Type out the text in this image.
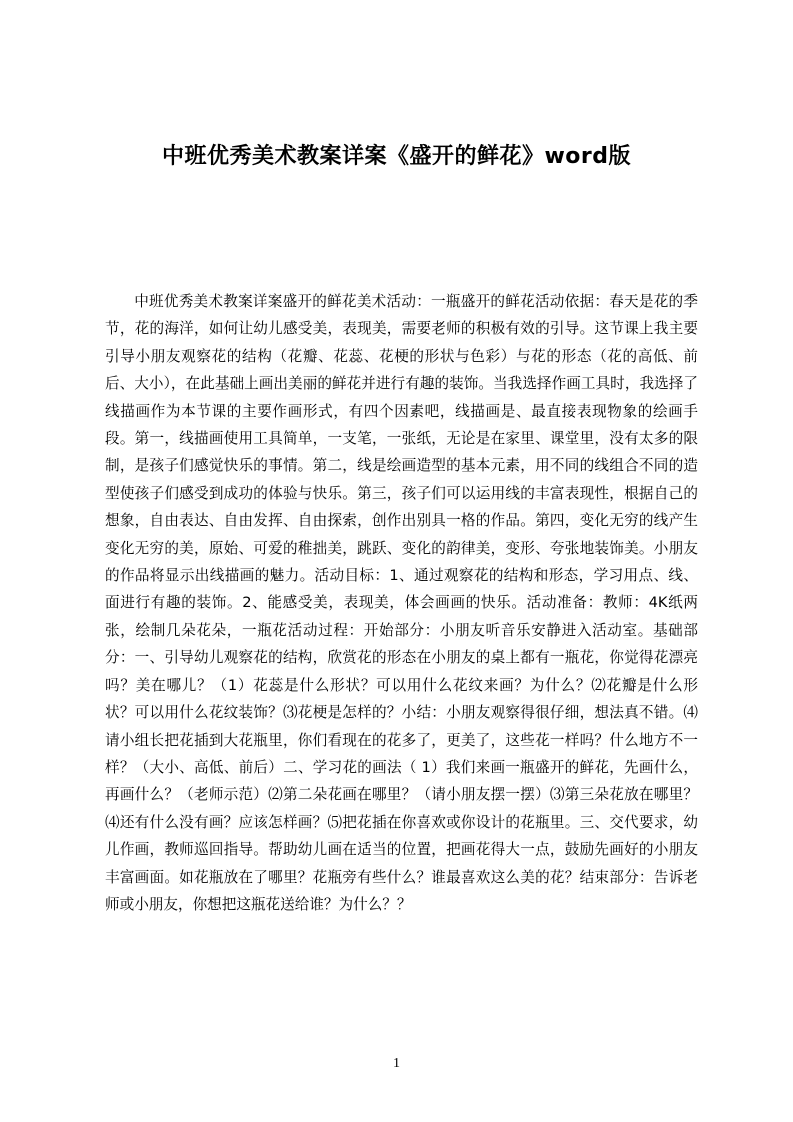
中班优秀美术教案详案《盛开的鲜花》word版

中班优秀美术教案详案盛开的鲜花美术活动：一瓶盛开的鲜花活动依据：春天是花的季节，花的海洋，如何让幼儿感受美，表现美，需要老师的积极有效的引导。这节课上我主要引导小朋友观察花的结构（花瓣、花蕊、花梗的形状与色彩）与花的形态（花的高低、前后、大小），在此基础上画出美丽的鲜花并进行有趣的装饰。当我选择作画工具时，我选择了线描画作为本节课的主要作画形式，有四个因素吧，线描画是、最直接表现物象的绘画手段。第一，线描画使用工具简单，一支笔，一张纸，无论是在家里、课堂里，没有太多的限制，是孩子们感觉快乐的事情。第二，线是绘画造型的基本元素，用不同的线组合不同的造型使孩子们感受到成功的体验与快乐。第三，孩子们可以运用线的丰富表现性，根据自己的想象，自由表达、自由发挥、自由探索，创作出别具一格的作品。第四，变化无穷的线产生变化无穷的美，原始、可爱的稚拙美，跳跃、变化的韵律美，变形、夸张地装饰美。小朋友的作品将显示出线描画的魅力。活动目标：1、通过观察花的结构和形态，学习用点、线、面进行有趣的装饰。2、能感受美，表现美，体会画画的快乐。活动准备：教师：4K纸两张，绘制几朵花朵，一瓶花活动过程：开始部分：小朋友听音乐安静进入活动室。基础部分：一、引导幼儿观察花的结构，欣赏花的形态在小朋友的桌上都有一瓶花，你觉得花漂亮吗？美在哪儿？（1）花蕊是什么形状？可以用什么花纹来画？为什么？⑵花瓣是什么形状？可以用什么花纹装饰？⑶花梗是怎样的？小结：小朋友观察得很仔细，想法真不错。⑷请小组长把花插到大花瓶里，你们看现在的花多了，更美了，这些花一样吗？什么地方不一样？（大小、高低、前后）二、学习花的画法（ 1）我们来画一瓶盛开的鲜花，先画什么，再画什么？（老师示范）⑵第二朵花画在哪里？（请小朋友摆一摆）⑶第三朵花放在哪里？⑷还有什么没有画？应该怎样画？⑸把花插在你喜欢或你设计的花瓶里。三、交代要求，幼儿作画，教师巡回指导。帮助幼儿画在适当的位置，把画花得大一点，鼓励先画好的小朋友丰富画面。如花瓶放在了哪里？花瓶旁有些什么？谁最喜欢这么美的花？结束部分：告诉老师或小朋友，你想把这瓶花送给谁？为什么？？

1
